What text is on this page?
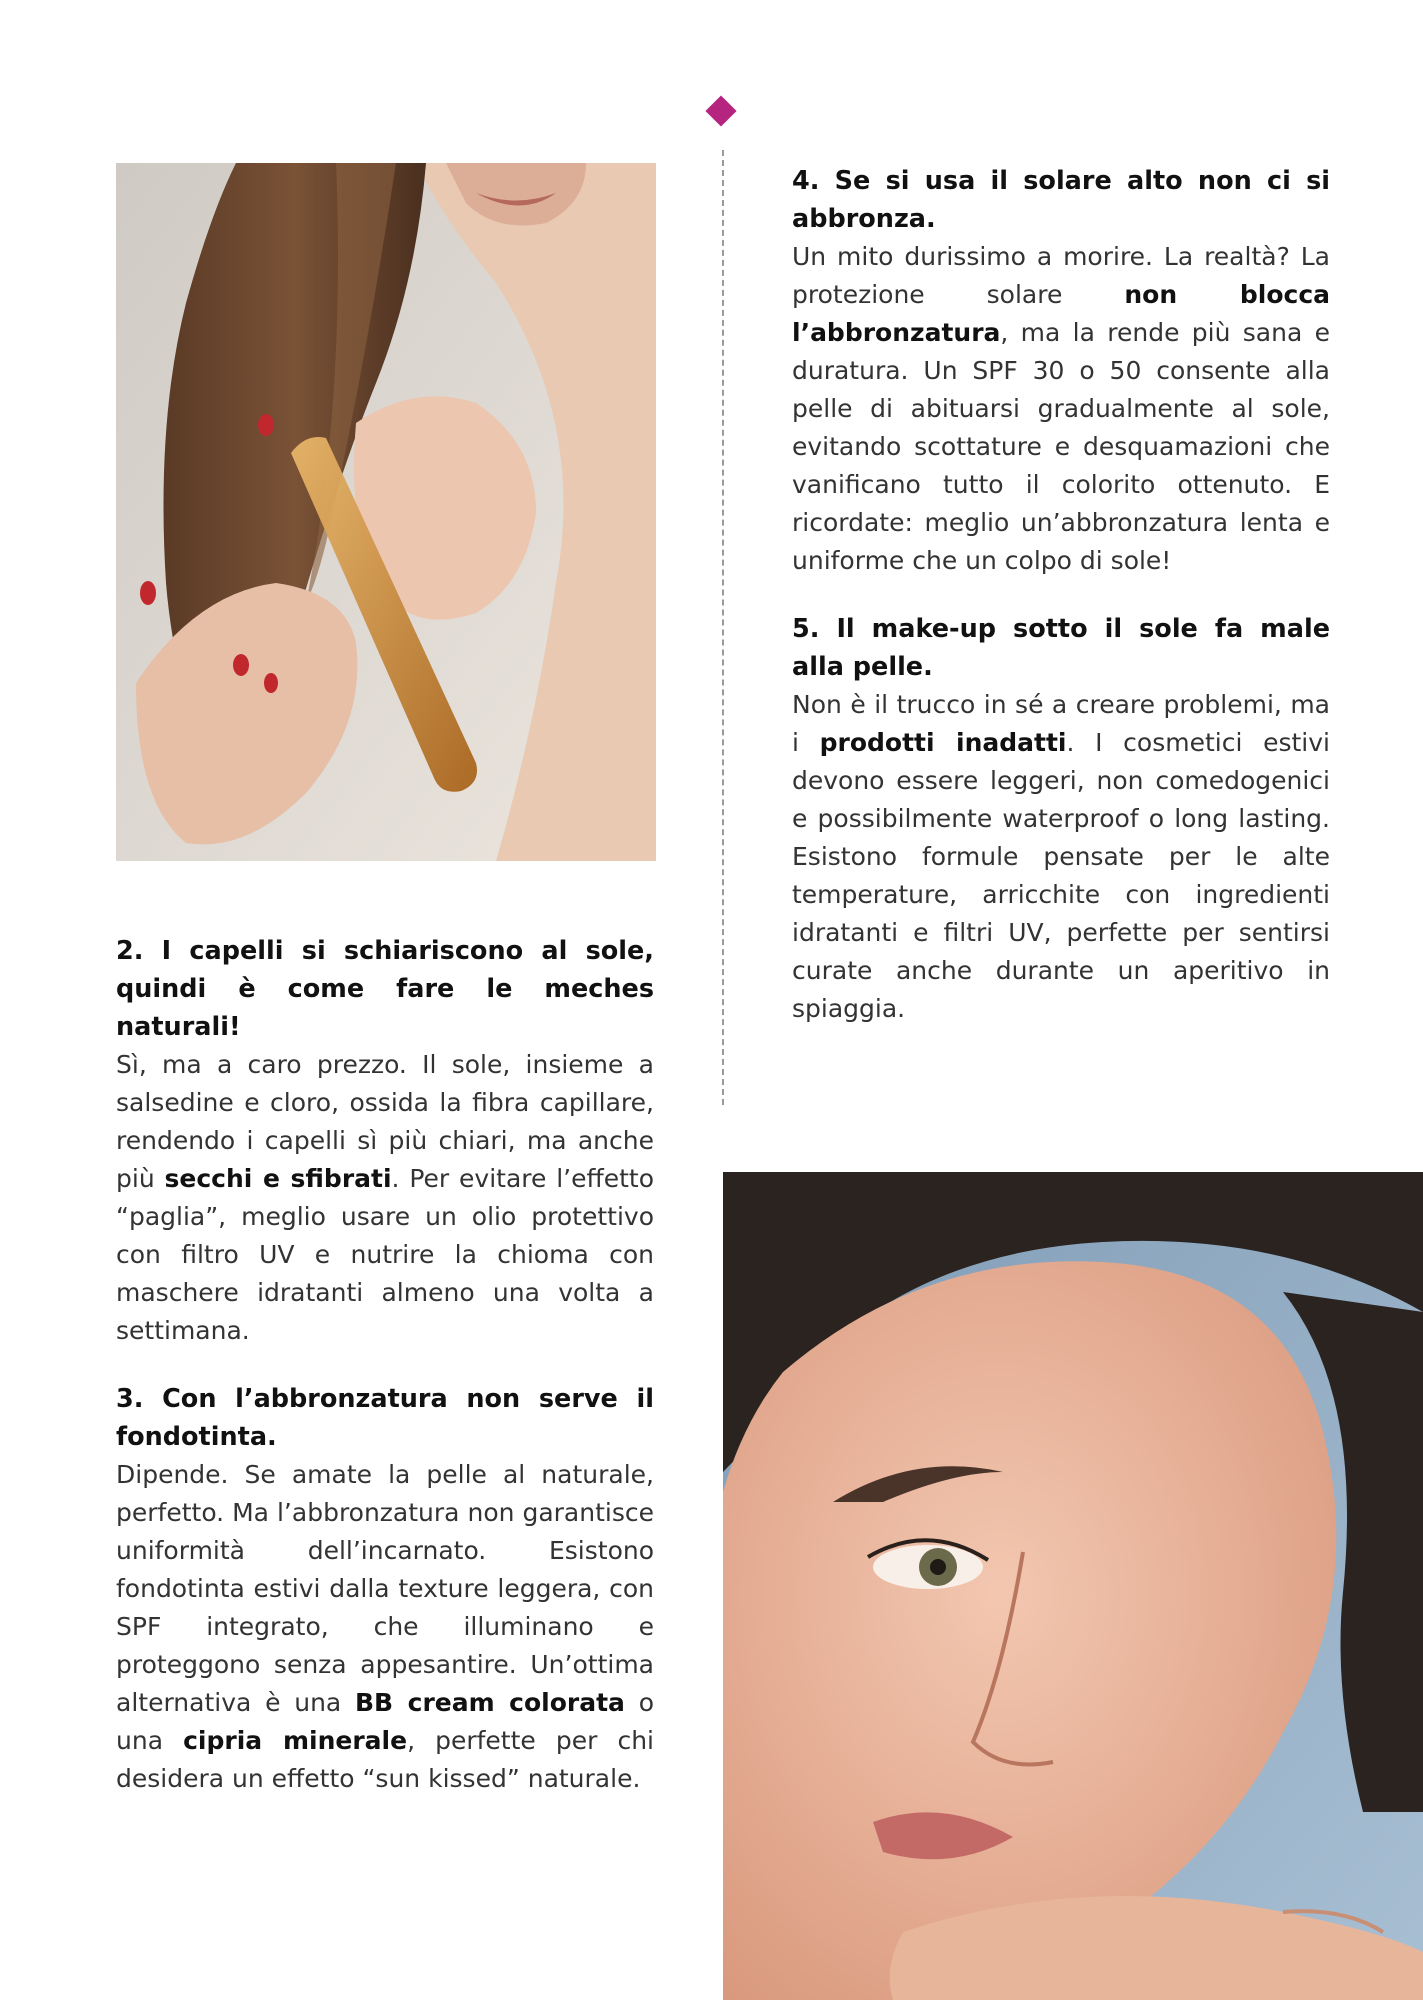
2. I capelli si schiariscono al sole, quindi è come fare le meches naturali!

Sì, ma a caro prezzo. Il sole, insieme a salsedine e cloro, ossida la fibra capillare, rendendo i capelli sì più chiari, ma anche più secchi e sfibrati. Per evitare l’effetto “paglia”, meglio usare un olio protettivo con filtro UV e nutrire la chioma con maschere idratanti almeno una volta a settimana.

3. Con l’abbronzatura non serve il fondotinta.

Dipende. Se amate la pelle al naturale, perfetto. Ma l’abbronzatura non garantisce uniformità dell’incarnato. Esistono fondotinta estivi dalla texture leggera, con SPF integrato, che illuminano e proteggono senza appesantire. Un’ottima alternativa è una BB cream colorata o una cipria minerale, perfette per chi desidera un effetto “sun kissed” naturale.

4. Se si usa il solare alto non ci si abbronza.

Un mito durissimo a morire. La realtà? La protezione solare non blocca l’abbronzatura, ma la rende più sana e duratura. Un SPF 30 o 50 consente alla pelle di abituarsi gradualmente al sole, evitando scottature e desquamazioni che vanificano tutto il colorito ottenuto. E ricordate: meglio un’abbronzatura lenta e uniforme che un colpo di sole!

5. Il make-up sotto il sole fa male alla pelle.

Non è il trucco in sé a creare problemi, ma i prodotti inadatti. I cosmetici estivi devono essere leggeri, non comedogenici e possibilmente waterproof o long lasting. Esistono formule pensate per le alte temperature, arricchite con ingredienti idratanti e filtri UV, perfette per sentirsi curate anche durante un aperitivo in spiaggia.
